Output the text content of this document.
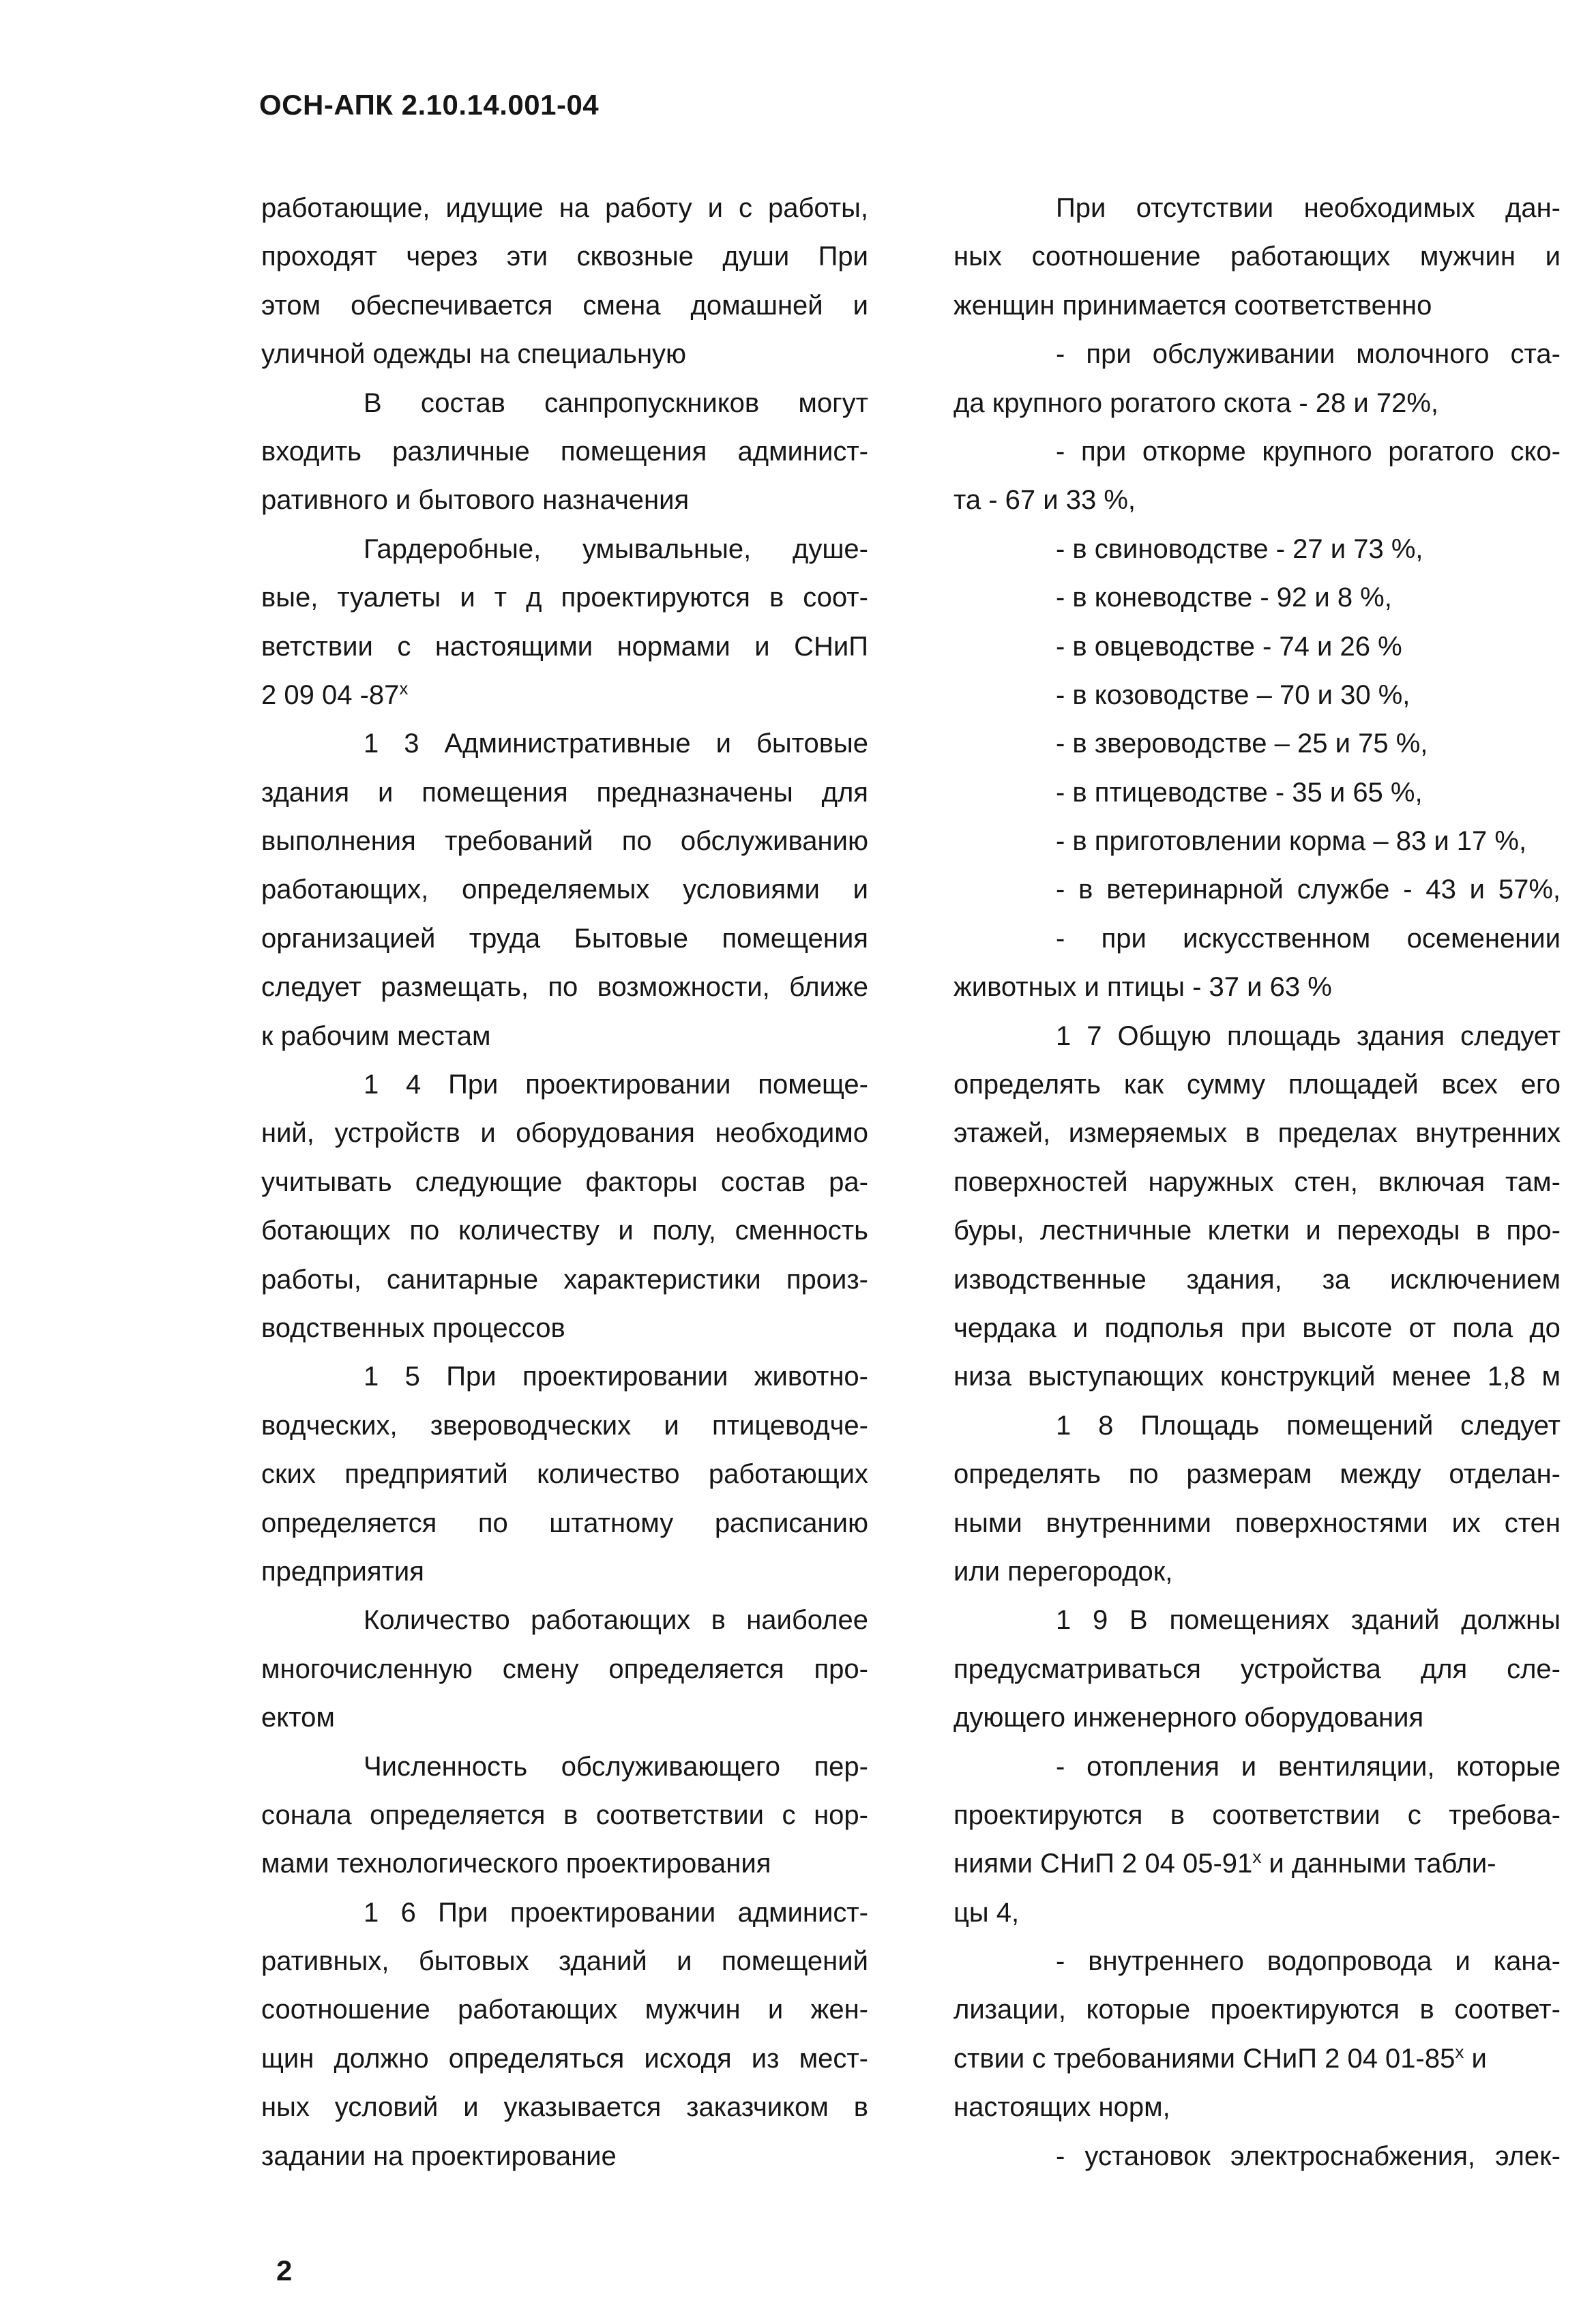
ОСН-АПК 2.10.14.001-04
работающие, идущие на работу и с работы,
проходят через эти сквозные души При
этом обеспечивается смена домашней и
уличной одежды на специальную
В состав санпропускников могут
входить различные помещения админист-
ративного и бытового назначения
Гардеробные, умывальные, душе-
вые, туалеты и т д проектируются в соот-
ветствии с настоящими нормами и СНиП
2 09 04 -87$^x$
1 3 Административные и бытовые
здания и помещения предназначены для
выполнения требований по обслуживанию
работающих, определяемых условиями и
организацией труда Бытовые помещения
следует размещать, по возможности, ближе
к рабочим местам
1 4 При проектировании помеще-
ний, устройств и оборудования необходимо
учитывать следующие факторы состав ра-
ботающих по количеству и полу, сменность
работы, санитарные характеристики произ-
водственных процессов
1 5 При проектировании животно-
водческих, звероводческих и птицеводче-
ских предприятий количество работающих
определяется по штатному расписанию
предприятия
Количество работающих в наиболее
многочисленную смену определяется про-
ектом
Численность обслуживающего пер-
сонала определяется в соответствии с нор-
мами технологического проектирования
1 6 При проектировании админист-
ративных, бытовых зданий и помещений
соотношение работающих мужчин и жен-
щин должно определяться исходя из мест-
ных условий и указывается заказчиком в
задании на проектирование
При отсутствии необходимых дан-
ных соотношение работающих мужчин и
женщин принимается соответственно
- при обслуживании молочного ста-
да крупного рогатого скота - 28 и 72%,
- при откорме крупного рогатого ско-
та - 67 и 33 %,
- в свиноводстве - 27 и 73 %,
- в коневодстве - 92 и 8 %,
- в овцеводстве - 74 и 26 %
- в козоводстве – 70 и 30 %,
- в звероводстве – 25 и 75 %,
- в птицеводстве - 35 и 65 %,
- в приготовлении корма – 83 и 17 %,
- в ветеринарной службе - 43 и 57%,
- при искусственном осеменении
животных и птицы - 37 и 63 %
1 7 Общую площадь здания следует
определять как сумму площадей всех его
этажей, измеряемых в пределах внутренних
поверхностей наружных стен, включая там-
буры, лестничные клетки и переходы в про-
изводственные здания, за исключением
чердака и подполья при высоте от пола до
низа выступающих конструкций менее 1,8 м
1 8 Площадь помещений следует
определять по размерам между отделан-
ными внутренними поверхностями их стен
или перегородок,
1 9 В помещениях зданий должны
предусматриваться устройства для сле-
дующего инженерного оборудования
- отопления и вентиляции, которые
проектируются в соответствии с требова-
ниями СНиП 2 04 05-91$^x$ и данными табли-
цы 4,
- внутреннего водопровода и кана-
лизации, которые проектируются в соответ-
ствии с требованиями СНиП 2 04 01-85$^x$ и
настоящих норм,
- установок электроснабжения, элек-
2
